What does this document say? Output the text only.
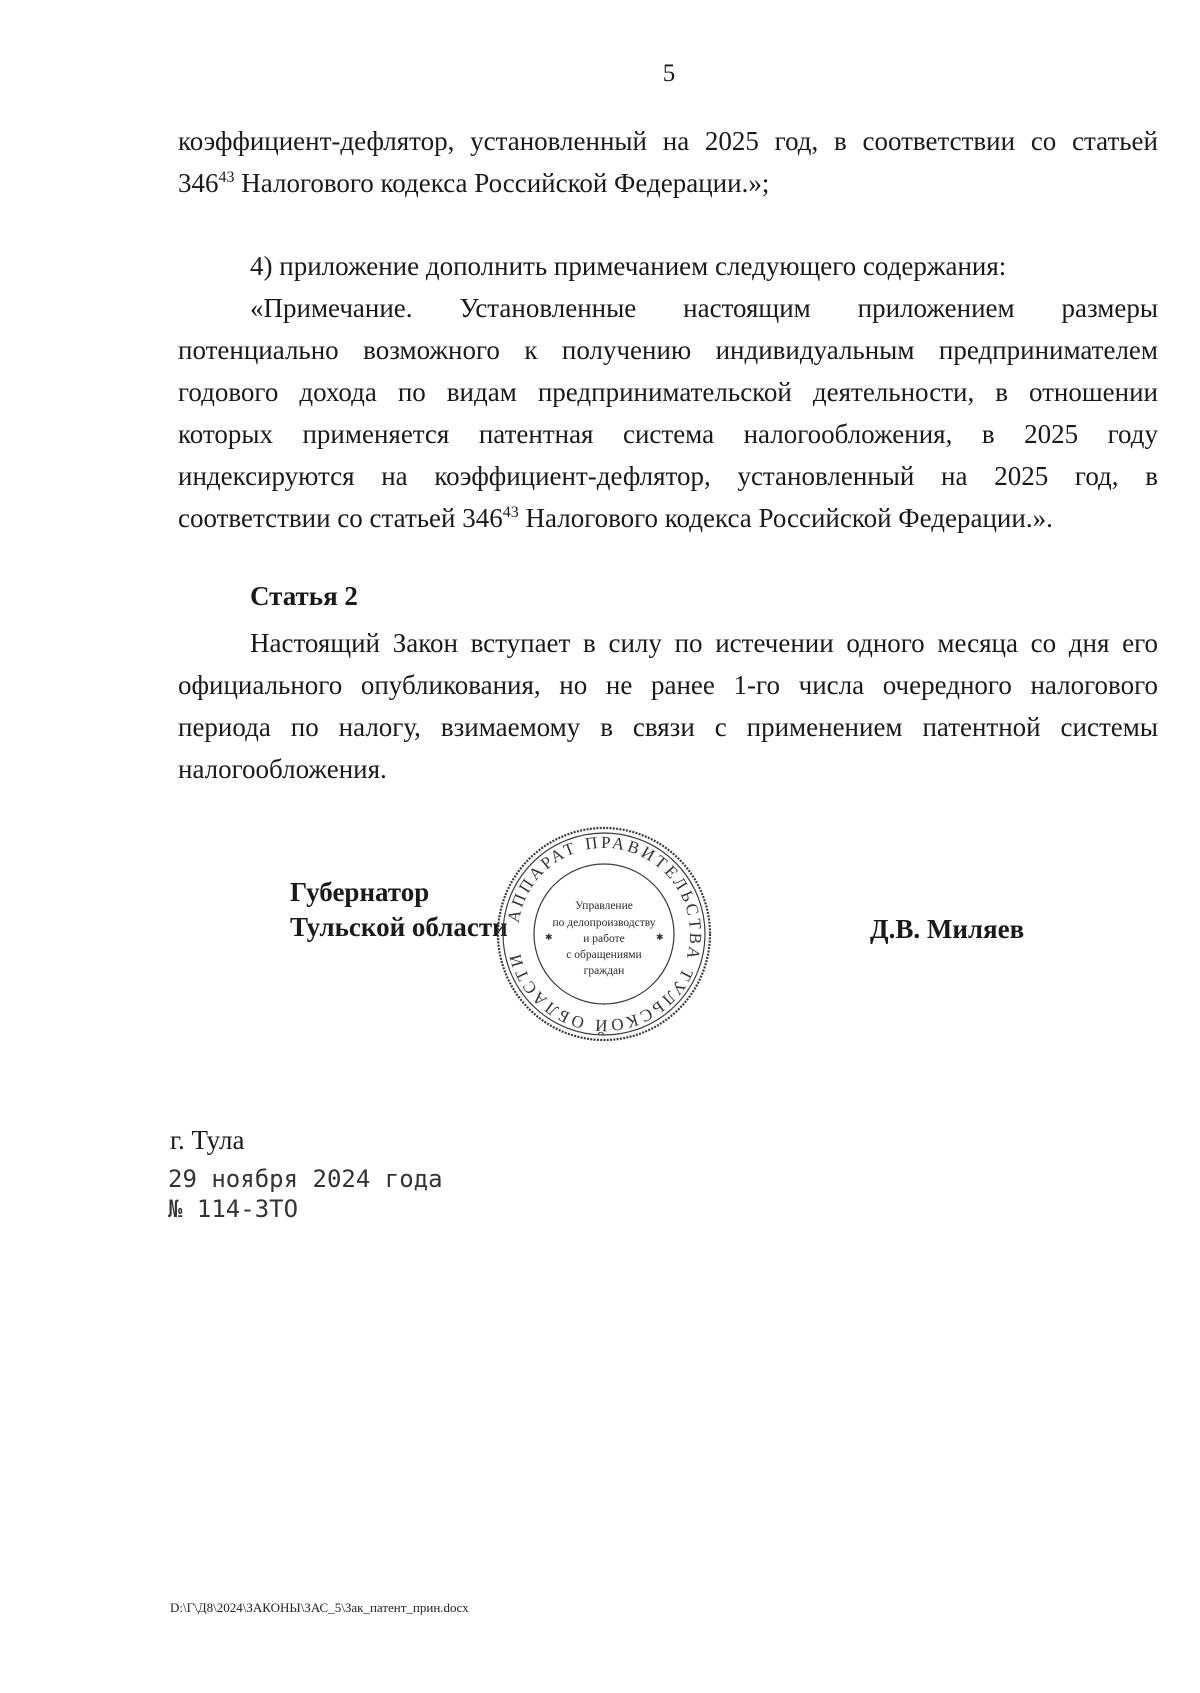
5
коэффициент-дефлятор, установленный на 2025 год, в соответствии со статьей
$346^{43}$ Налогового кодекса Российской Федерации.»;
4) приложение дополнить примечанием следующего содержания:
«Примечание. Установленные настоящим приложением размеры
потенциально возможного к получению индивидуальным предпринимателем
годового дохода по видам предпринимательской деятельности, в отношении
которых применяется патентная система налогообложения, в 2025 году
индексируются на коэффициент-дефлятор, установленный на 2025 год, в
соответствии со статьей $346^{43}$ Налогового кодекса Российской Федерации.».
Статья 2
Настоящий Закон вступает в силу по истечении одного месяца со дня его
официального опубликования, но не ранее 1-го числа очередного налогового
периода по налогу, взимаемому в связи с применением патентной системы
налогообложения.
Губернатор
Тульской области	Д.В. Миляев
АППАРАТ ПРАВИТЕЛЬСТВА ТУЛЬСКОЙ ОБЛАСТИ
Управление
по делопроизводству
и работе
с обращениями
граждан
✱	✱
г. Тула
29 ноября 2024 года
№ 114-ЗТО
D:\Г\Д8\2024\ЗАКОНЫ\ЗАС_5\Зак_патент_прин.docx
